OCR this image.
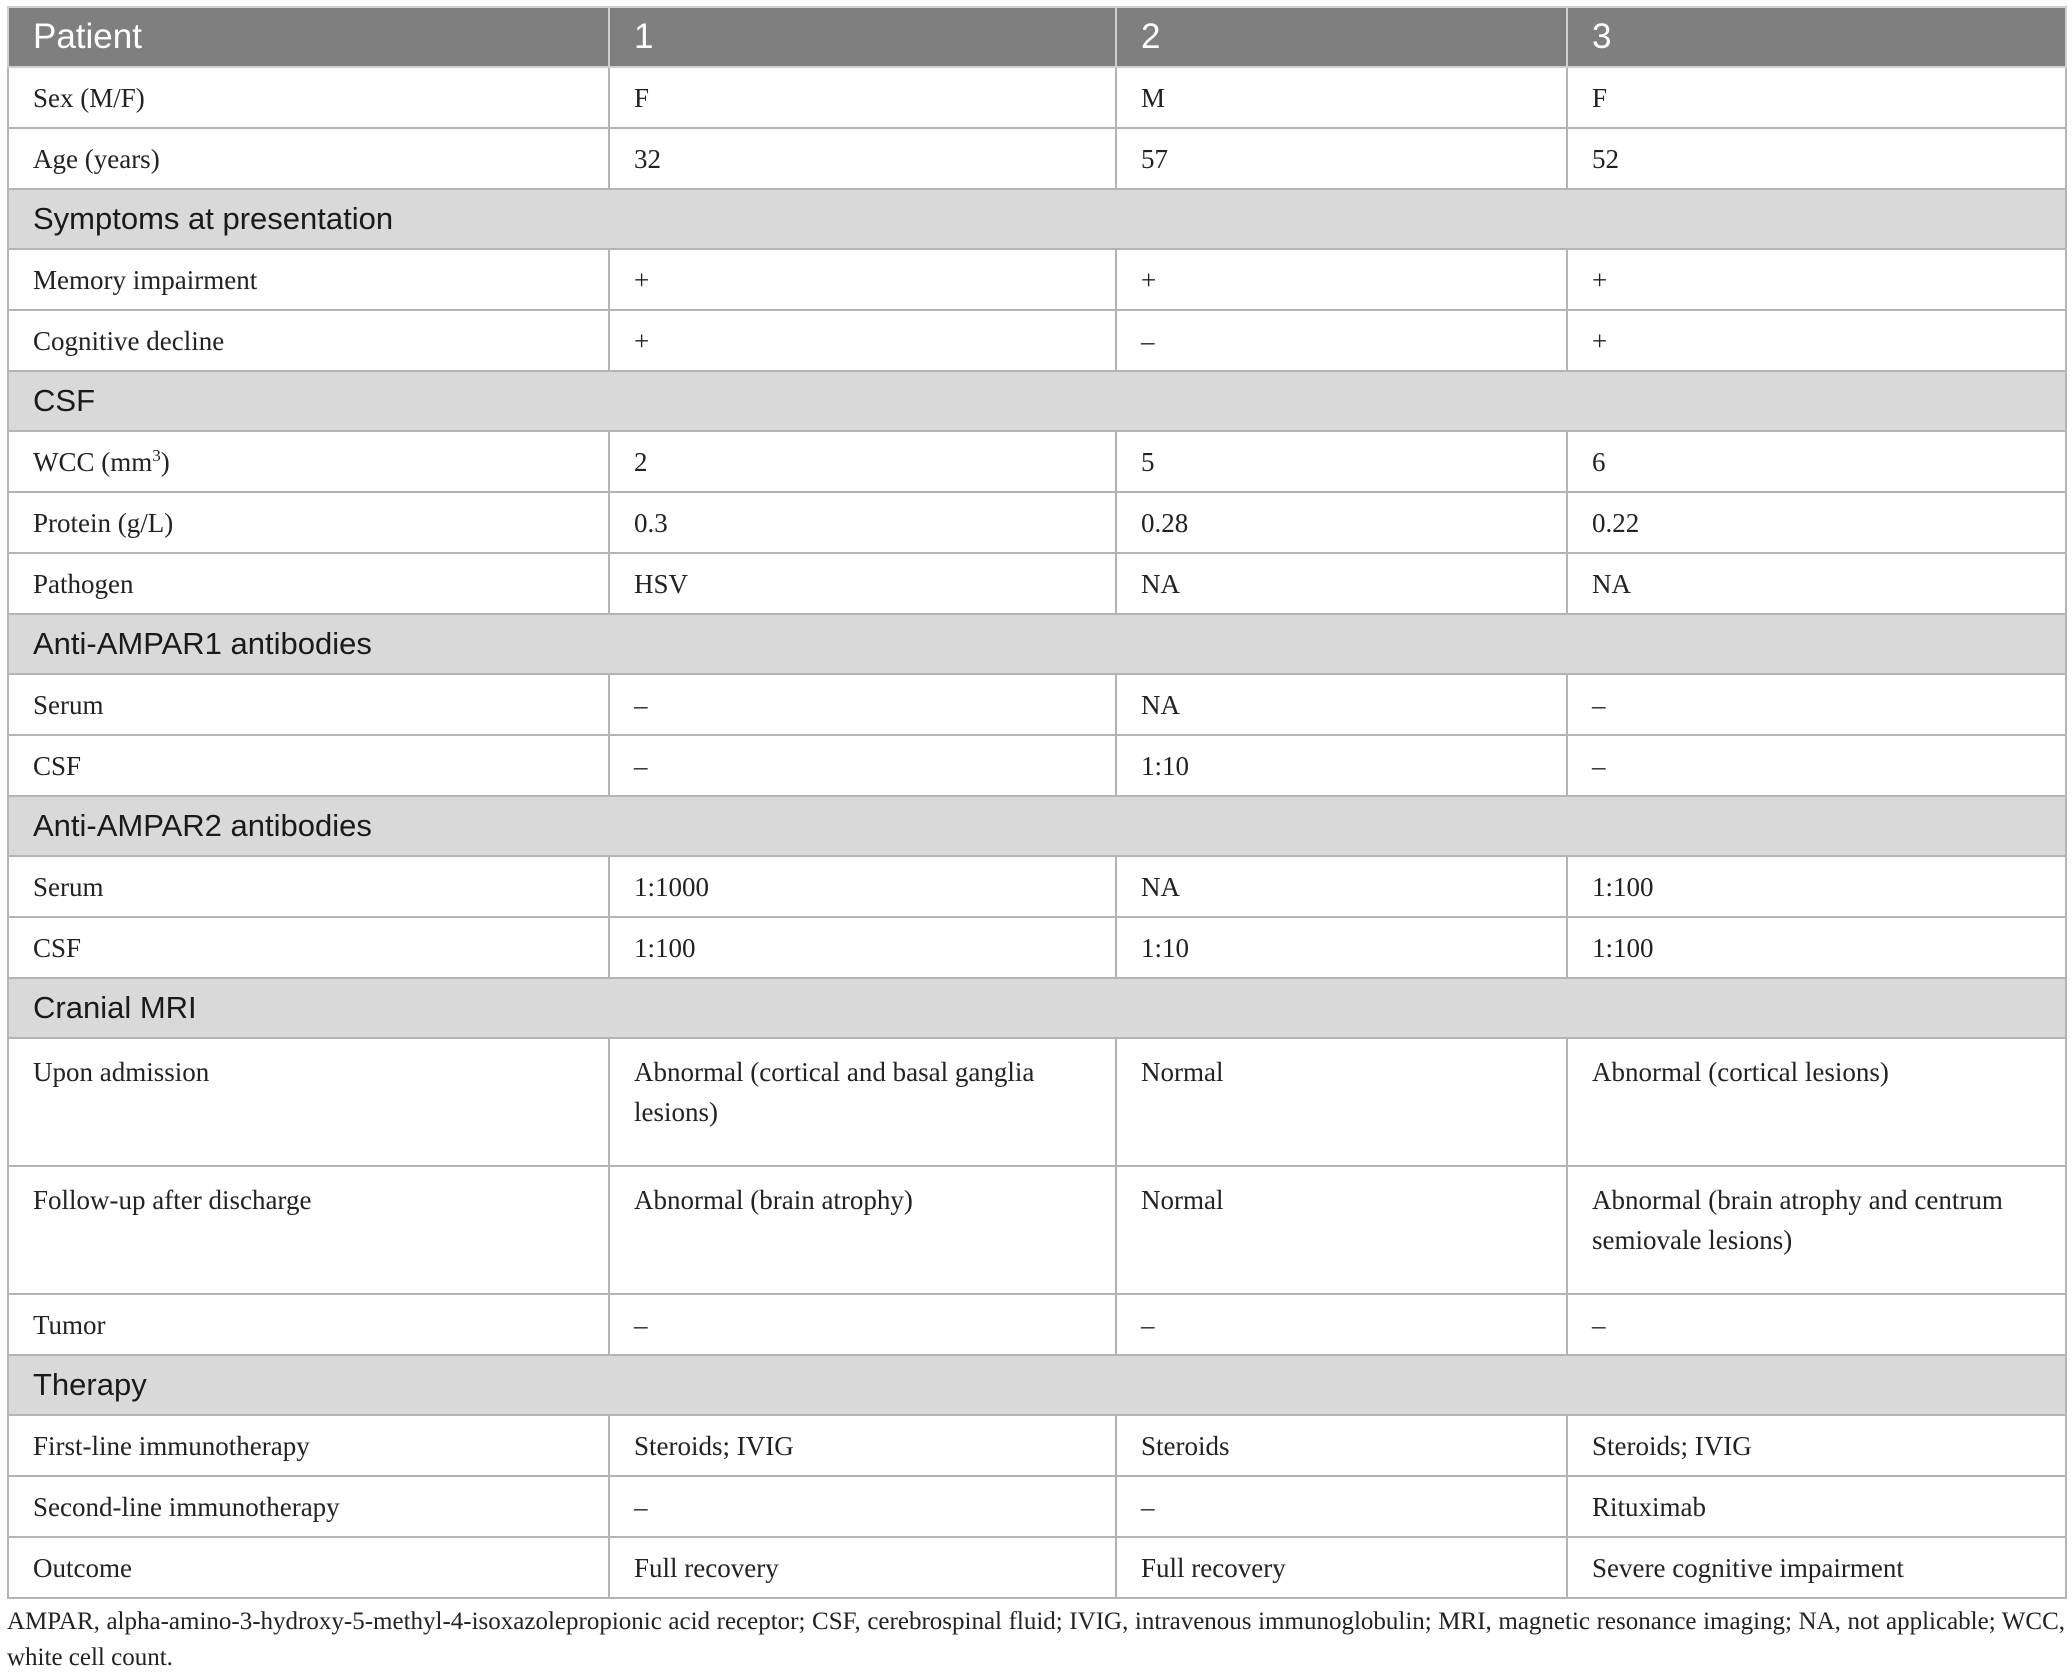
Patient	1	2	3
Sex (M/F)	F	M	F
Age (years)	32	57	52
Symptoms at presentation			
Memory impairment	+	+	+
Cognitive decline	+	–	+
CSF			
WCC $(mm^3)$	2	5	6
Protein (g/L)	0.3	0.28	0.22
Pathogen	HSV	NA	NA
Anti-AMPAR1 antibodies			
Serum	–	NA	–
CSF	–	1:10	–
Anti-AMPAR2 antibodies			
Serum	1:1000	NA	1:100
CSF	1:100	1:10	1:100
Cranial MRI			
Upon admission	Abnormal (cortical and basal ganglia lesions)	Normal	Abnormal (cortical lesions)
Follow-up after discharge	Abnormal (brain atrophy)	Normal	Abnormal (brain atrophy and centrum semiovale lesions)
Tumor	–	–	–
Therapy			
First-line immunotherapy	Steroids; IVIG	Steroids	Steroids; IVIG
Second-line immunotherapy	–	–	Rituximab
Outcome	Full recovery	Full recovery	Severe cognitive impairment
AMPAR, alpha-amino-3-hydroxy-5-methyl-4-isoxazolepropionic acid receptor; CSF, cerebrospinal fluid; IVIG, intravenous immunoglobulin; MRI, magnetic resonance imaging; NA, not applicable; WCC, white cell count.
